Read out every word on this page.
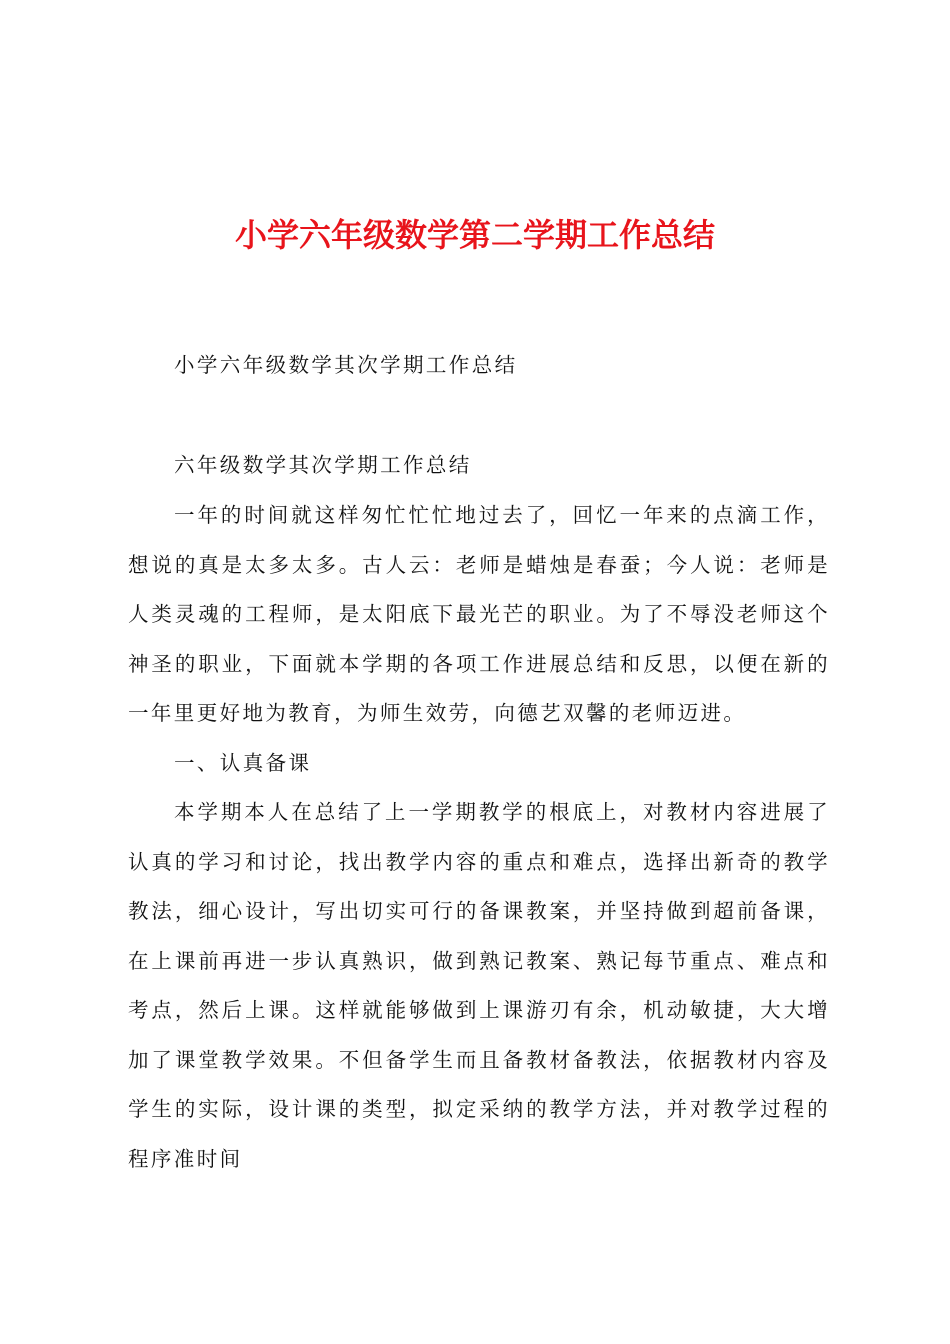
小学六年级数学第二学期工作总结
小学六年级数学其次学期工作总结
六年级数学其次学期工作总结

一年的时间就这样匆忙忙忙地过去了，回忆一年来的点滴工作，想说的真是太多太多。古人云：老师是蜡烛是春蚕；今人说：老师是人类灵魂的工程师，是太阳底下最光芒的职业。为了不辱没老师这个神圣的职业，下面就本学期的各项工作进展总结和反思，以便在新的一年里更好地为教育，为师生效劳，向德艺双馨的老师迈进。

一、认真备课

本学期本人在总结了上一学期教学的根底上，对教材内容进展了认真的学习和讨论，找出教学内容的重点和难点，选择出新奇的教学教法，细心设计，写出切实可行的备课教案，并坚持做到超前备课，在上课前再进一步认真熟识，做到熟记教案、熟记每节重点、难点和考点，然后上课。这样就能够做到上课游刃有余，机动敏捷，大大增加了课堂教学效果。不但备学生而且备教材备教法，依据教材内容及学生的实际，设计课的类型，拟定采纳的教学方法，并对教学过程的程序准时间
